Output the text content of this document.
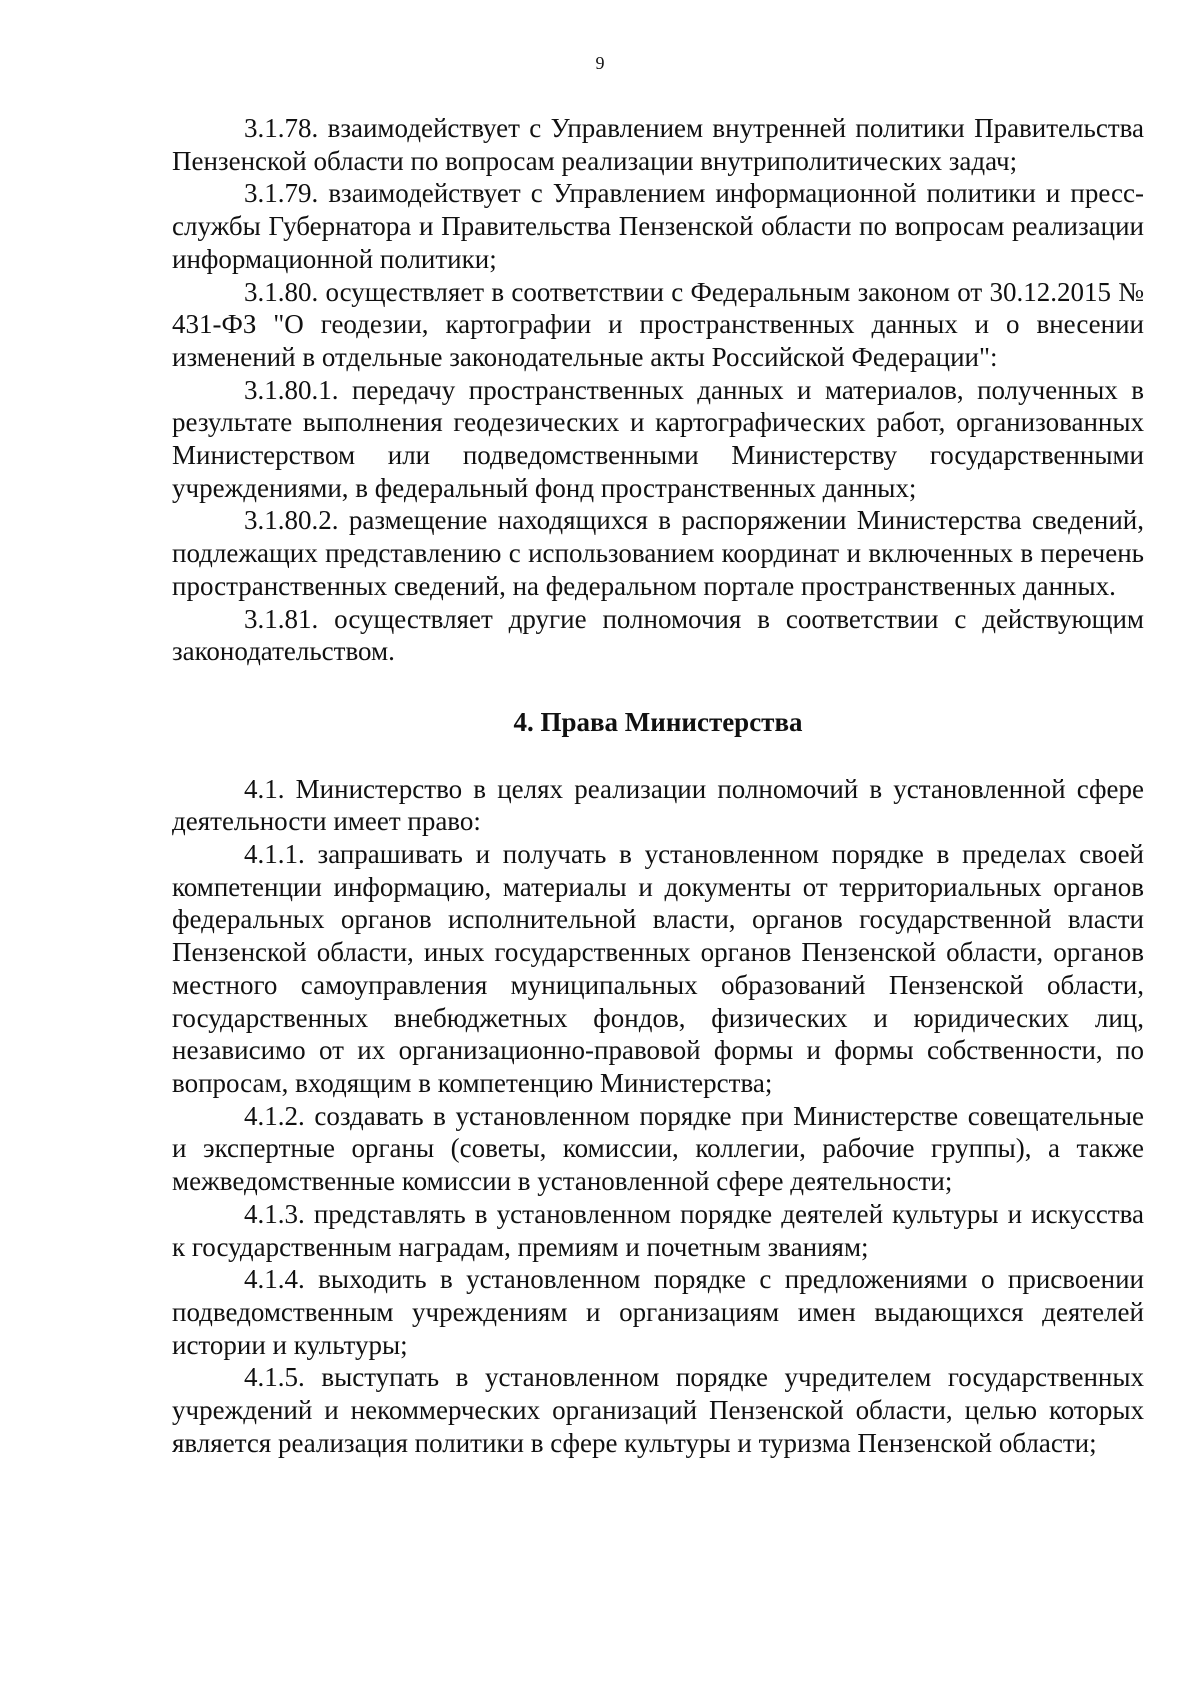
9

3.1.78. взаимодействует с Управлением внутренней политики Правительства Пензенской области по вопросам реализации внутриполитических задач;

3.1.79. взаимодействует с Управлением информационной политики и пресс-службы Губернатора и Правительства Пензенской области по вопросам реализации информационной политики;

3.1.80. осуществляет в соответствии с Федеральным законом от 30.12.2015 № 431-ФЗ "О геодезии, картографии и пространственных данных и о внесении изменений в отдельные законодательные акты Российской Федерации":

3.1.80.1. передачу пространственных данных и материалов, полученных в результате выполнения геодезических и картографических работ, организованных Министерством или подведомственными Министерству государственными учреждениями, в федеральный фонд пространственных данных;

3.1.80.2. размещение находящихся в распоряжении Министерства сведений, подлежащих представлению с использованием координат и включенных в перечень пространственных сведений, на федеральном портале пространственных данных.

3.1.81. осуществляет другие полномочия в соответствии с действующим законодательством.

4. Права Министерства

4.1. Министерство в целях реализации полномочий в установленной сфере деятельности имеет право:

4.1.1. запрашивать и получать в установленном порядке в пределах своей компетенции информацию, материалы и документы от территориальных органов федеральных органов исполнительной власти, органов государственной власти Пензенской области, иных государственных органов Пензенской области, органов местного самоуправления муниципальных образований Пензенской области, государственных внебюджетных фондов, физических и юридических лиц, независимо от их организационно-правовой формы и формы собственности, по вопросам, входящим в компетенцию Министерства;

4.1.2. создавать в установленном порядке при Министерстве совещательные и экспертные органы (советы, комиссии, коллегии, рабочие группы), а также межведомственные комиссии в установленной сфере деятельности;

4.1.3. представлять в установленном порядке деятелей культуры и искусства к государственным наградам, премиям и почетным званиям;

4.1.4. выходить в установленном порядке с предложениями о присвоении подведомственным учреждениям и организациям имен выдающихся деятелей истории и культуры;

4.1.5. выступать в установленном порядке учредителем государственных учреждений и некоммерческих организаций Пензенской области, целью которых является реализация политики в сфере культуры и туризма Пензенской области;
